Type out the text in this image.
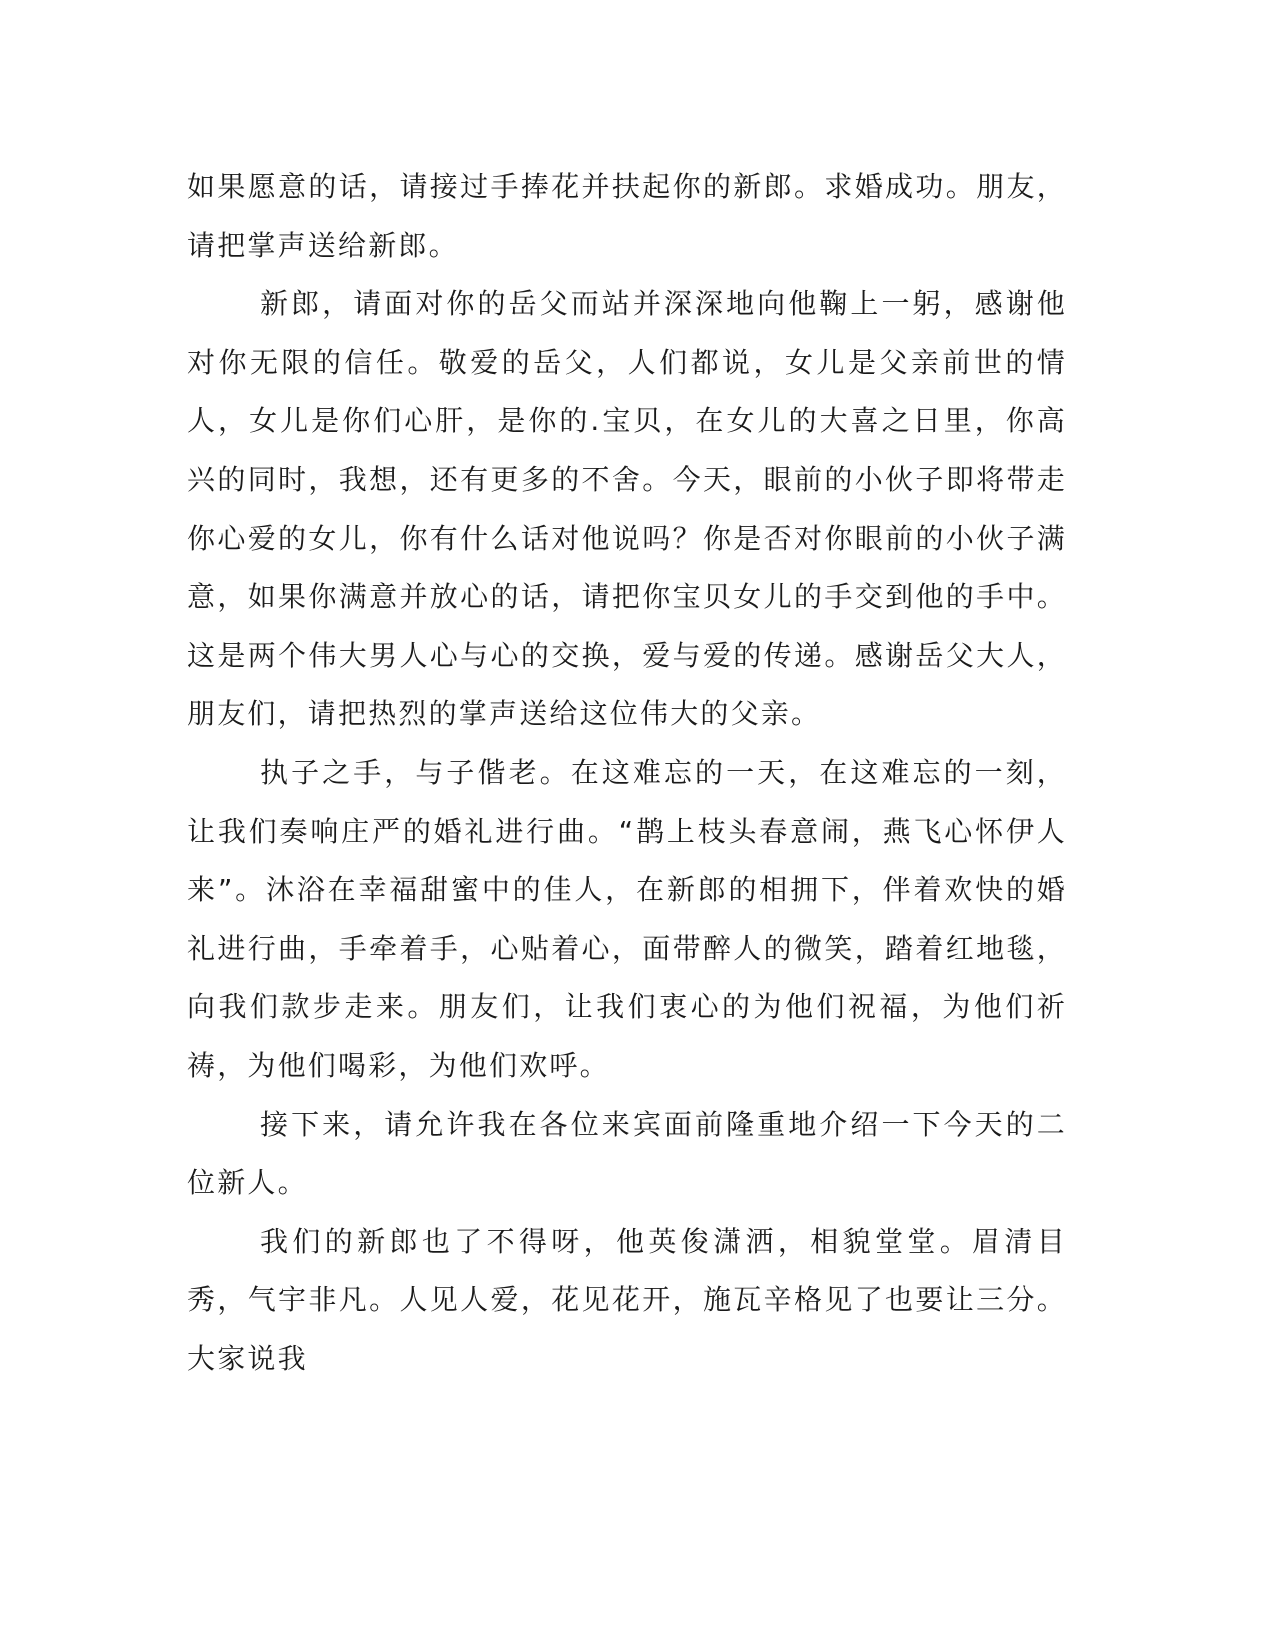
如果愿意的话，请接过手捧花并扶起你的新郎。求婚成功。朋友，请把掌声送给新郎。

新郎，请面对你的岳父而站并深深地向他鞠上一躬，感谢他对你无限的信任。敬爱的岳父，人们都说，女儿是父亲前世的情人，女儿是你们心肝，是你的.宝贝，在女儿的大喜之日里，你高兴的同时，我想，还有更多的不舍。今天，眼前的小伙子即将带走你心爱的女儿，你有什么话对他说吗？你是否对你眼前的小伙子满意，如果你满意并放心的话，请把你宝贝女儿的手交到他的手中。这是两个伟大男人心与心的交换，爱与爱的传递。感谢岳父大人，朋友们，请把热烈的掌声送给这位伟大的父亲。

执子之手，与子偕老。在这难忘的一天，在这难忘的一刻，让我们奏响庄严的婚礼进行曲。“鹊上枝头春意闹，燕飞心怀伊人来”。沐浴在幸福甜蜜中的佳人，在新郎的相拥下，伴着欢快的婚礼进行曲，手牵着手，心贴着心，面带醉人的微笑，踏着红地毯，向我们款步走来。朋友们，让我们衷心的为他们祝福，为他们祈祷，为他们喝彩，为他们欢呼。

接下来，请允许我在各位来宾面前隆重地介绍一下今天的二位新人。

我们的新郎也了不得呀，他英俊潇洒，相貌堂堂。眉清目秀，气宇非凡。人见人爱，花见花开，施瓦辛格见了也要让三分。大家说我
